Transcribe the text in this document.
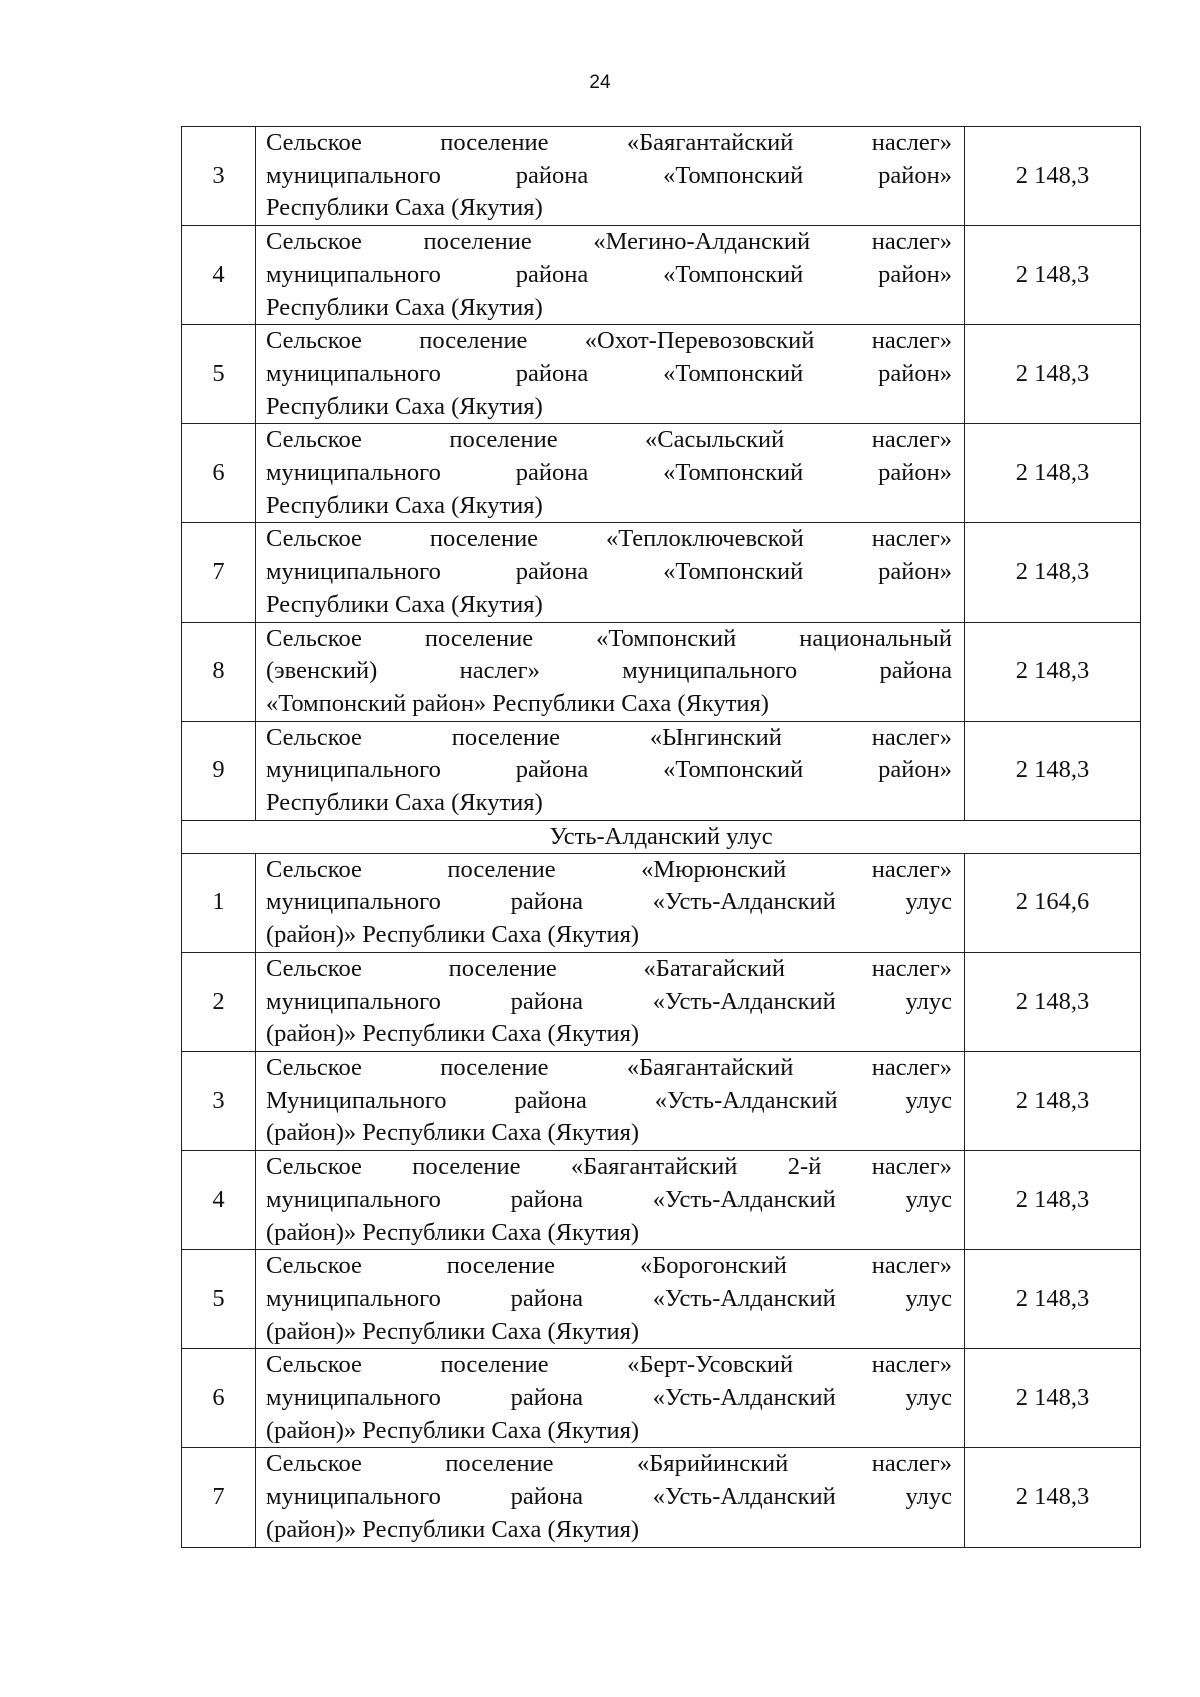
24
3	Сельское поселение «Баягантайский наслег»
муниципального района «Томпонский район»
Республики Саха (Якутия)	2 148,3
4	Сельское поселение «Мегино-Алданский наслег»
муниципального района «Томпонский район»
Республики Саха (Якутия)	2 148,3
5	Сельское поселение «Охот-Перевозовский наслег»
муниципального района «Томпонский район»
Республики Саха (Якутия)	2 148,3
6	Сельское поселение «Сасыльский наслег»
муниципального района «Томпонский район»
Республики Саха (Якутия)	2 148,3
7	Сельское поселение «Теплоключевской наслег»
муниципального района «Томпонский район»
Республики Саха (Якутия)	2 148,3
8	Сельское поселение «Томпонский национальный
(эвенский) наслег» муниципального района
«Томпонский район» Республики Саха (Якутия)	2 148,3
9	Сельское поселение «Ынгинский наслег»
муниципального района «Томпонский район»
Республики Саха (Якутия)	2 148,3
Усть-Алданский улус		
1	Сельское поселение «Мюрюнский наслег»
муниципального района «Усть-Алданский улус
(район)» Республики Саха (Якутия)	2 164,6
2	Сельское поселение «Батагайский наслег»
муниципального района «Усть-Алданский улус
(район)» Республики Саха (Якутия)	2 148,3
3	Сельское поселение «Баягантайский наслег»
Муниципального района «Усть-Алданский улус
(район)» Республики Саха (Якутия)	2 148,3
4	Сельское поселение «Баягантайский 2-й наслег»
муниципального района «Усть-Алданский улус
(район)» Республики Саха (Якутия)	2 148,3
5	Сельское поселение «Борогонский наслег»
муниципального района «Усть-Алданский улус
(район)» Республики Саха (Якутия)	2 148,3
6	Сельское поселение «Берт-Усовский наслег»
муниципального района «Усть-Алданский улус
(район)» Республики Саха (Якутия)	2 148,3
7	Сельское поселение «Бярийинский наслег»
муниципального района «Усть-Алданский улус
(район)» Республики Саха (Якутия)	2 148,3
